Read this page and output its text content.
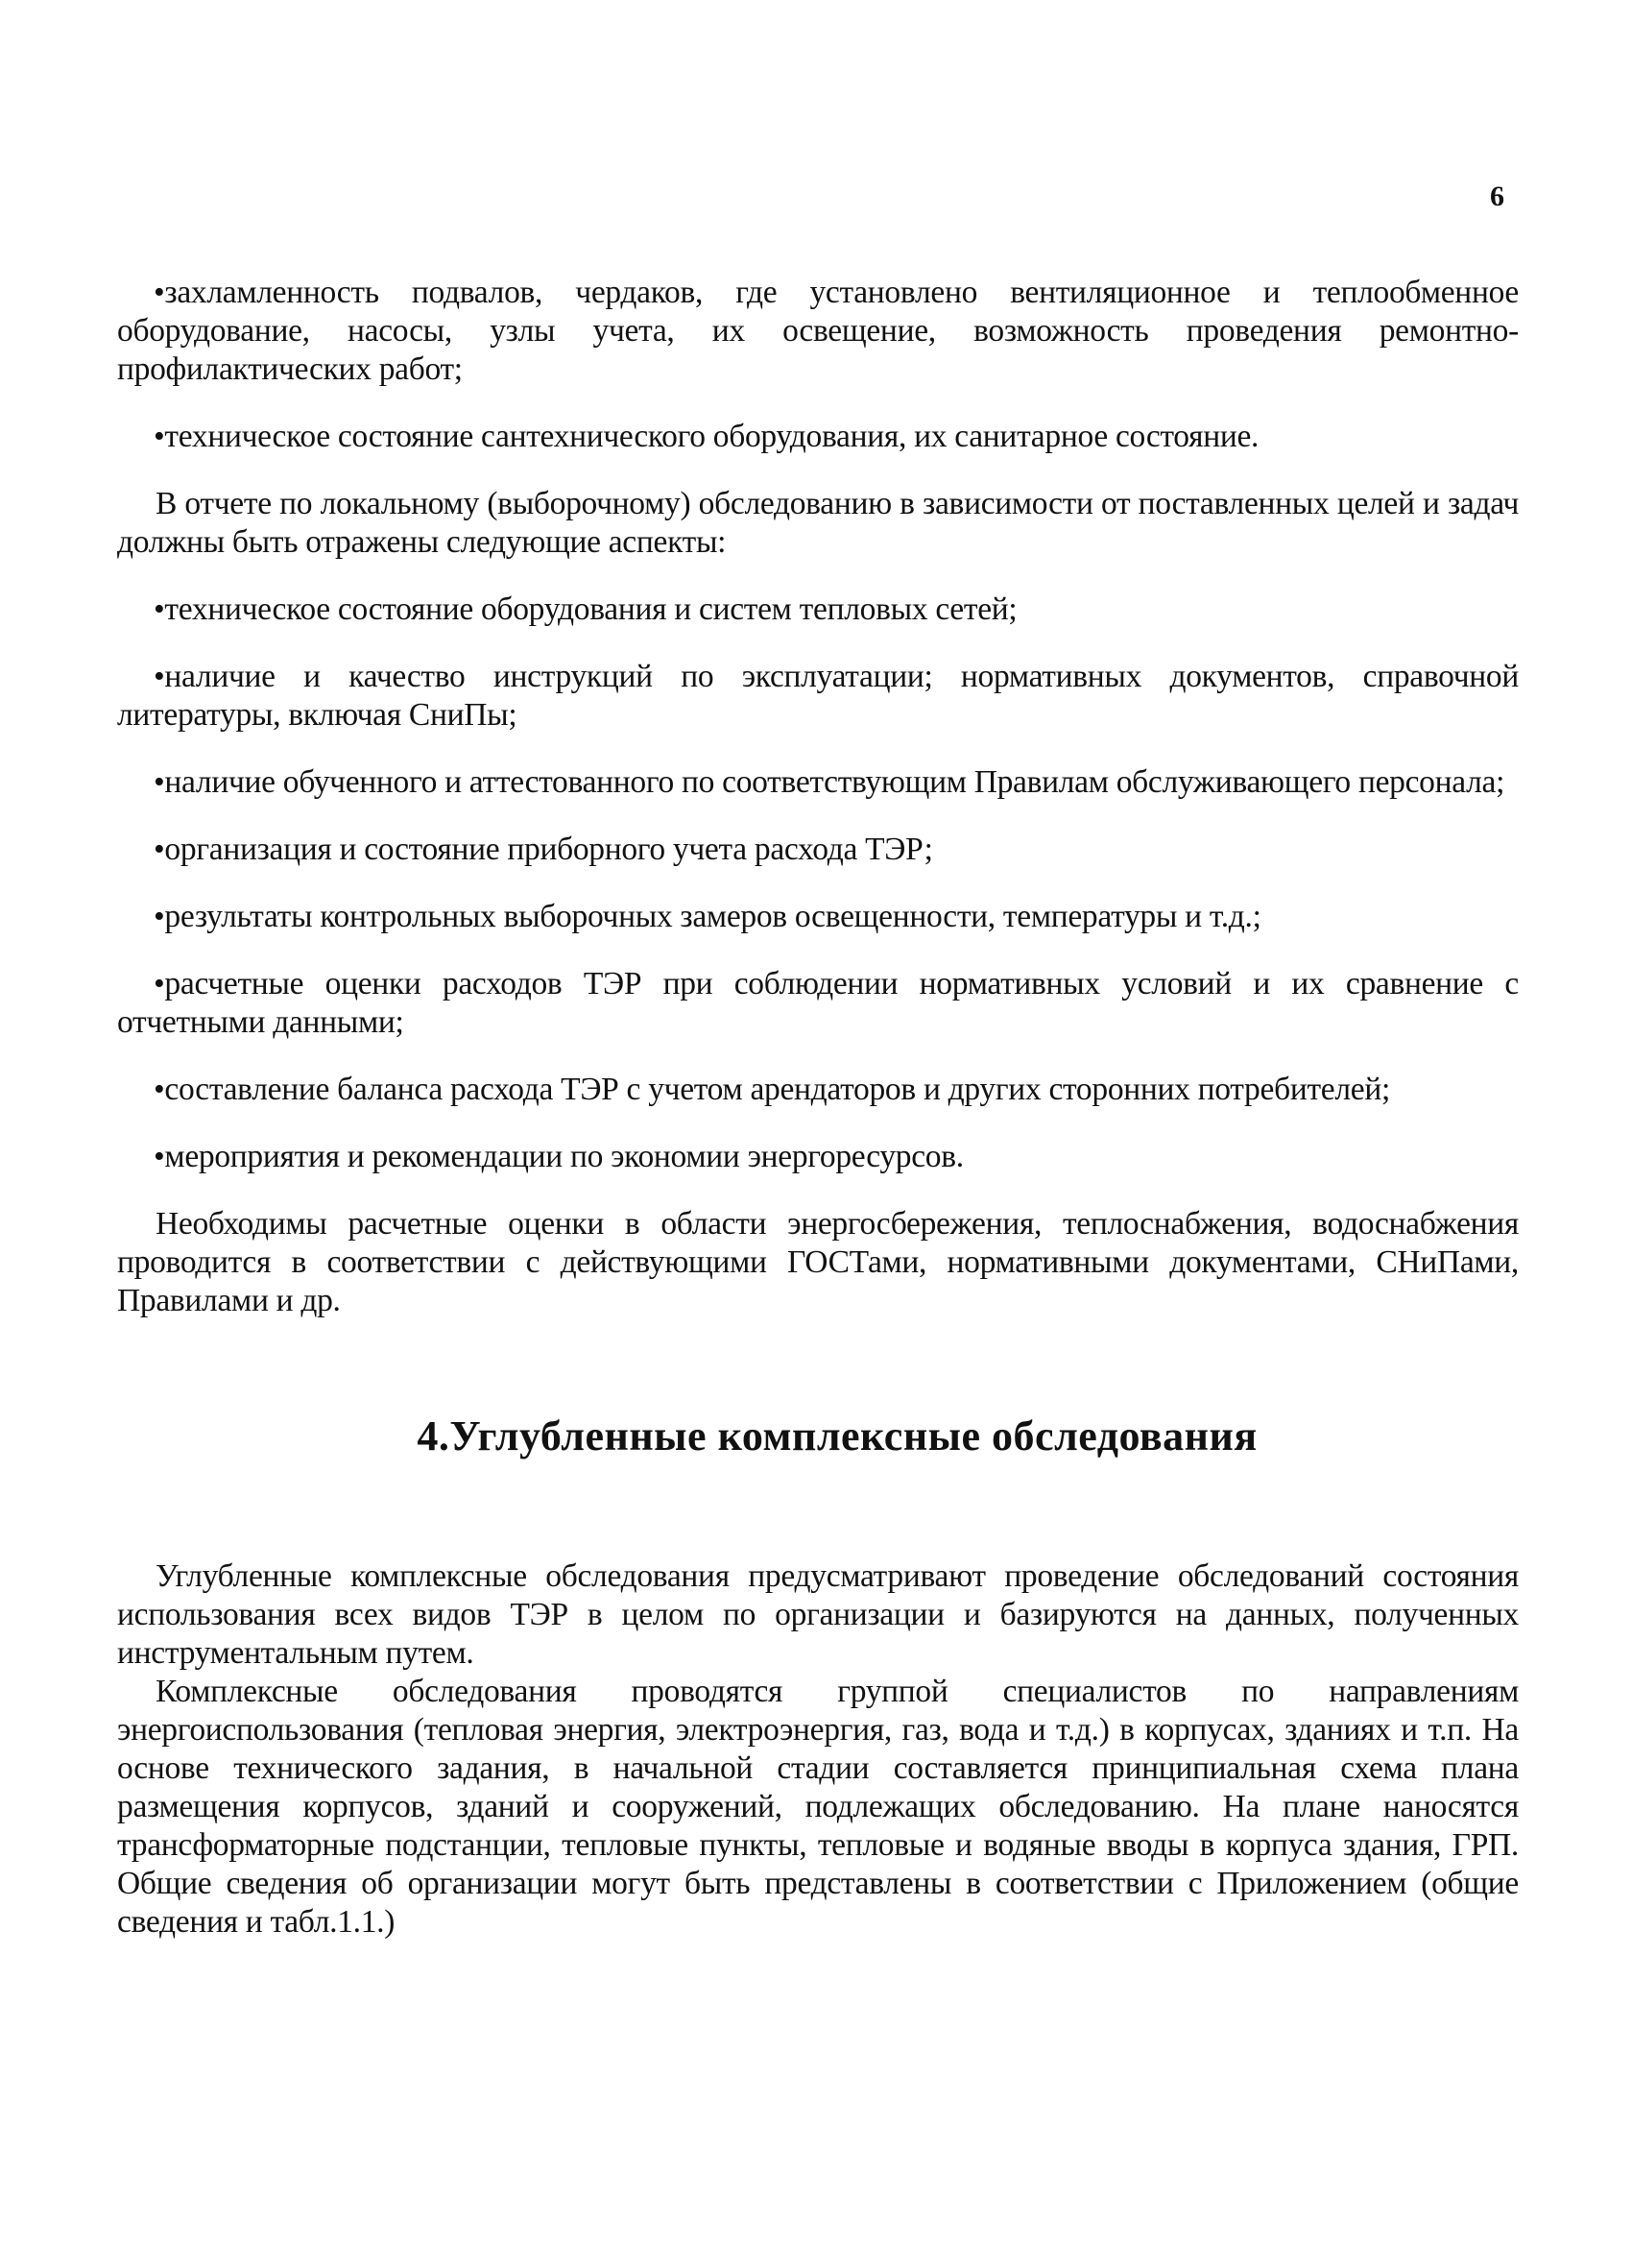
6

•захламленность подвалов, чердаков, где установлено вентиляционное и теплообменное оборудование, насосы, узлы учета, их освещение, возможность проведения ремонтно-профилактических работ;

•техническое состояние сантехнического оборудования, их санитарное состояние.

В отчете по локальному (выборочному) обследованию в зависимости от поставленных целей и задач должны быть отражены следующие аспекты:

•техническое состояние оборудования и систем тепловых сетей;

•наличие и качество инструкций по эксплуатации; нормативных документов, справочной литературы, включая СниПы;

•наличие обученного и аттестованного по соответствующим Правилам обслуживающего персонала;

•организация и состояние приборного учета расхода ТЭР;

•результаты контрольных выборочных замеров освещенности, температуры и т.д.;

•расчетные оценки расходов ТЭР при соблюдении нормативных условий и их сравнение с отчетными данными;

•составление баланса расхода ТЭР с учетом арендаторов и других сторонних потребителей;

•мероприятия и рекомендации по экономии энергоресурсов.

Необходимы расчетные оценки в области энергосбережения, теплоснабжения, водоснабжения проводится в соответствии с действующими ГОСТами, нормативными документами, СНиПами, Правилами и др.

4.Углубленные комплексные обследования

Углубленные комплексные обследования предусматривают проведение обследований состояния использования всех видов ТЭР в целом по организации и базируются на данных, полученных инструментальным путем.

Комплексные обследования проводятся группой специалистов по направлениям энергоиспользования (тепловая энергия, электроэнергия, газ, вода и т.д.) в корпусах, зданиях и т.п. На основе технического задания, в начальной стадии составляется принципиальная схема плана размещения корпусов, зданий и сооружений, подлежащих обследованию. На плане наносятся трансформаторные подстанции, тепловые пункты, тепловые и водяные вводы в корпуса здания, ГРП. Общие сведения об организации могут быть представлены в соответствии с Приложением (общие сведения и табл.1.1.)
